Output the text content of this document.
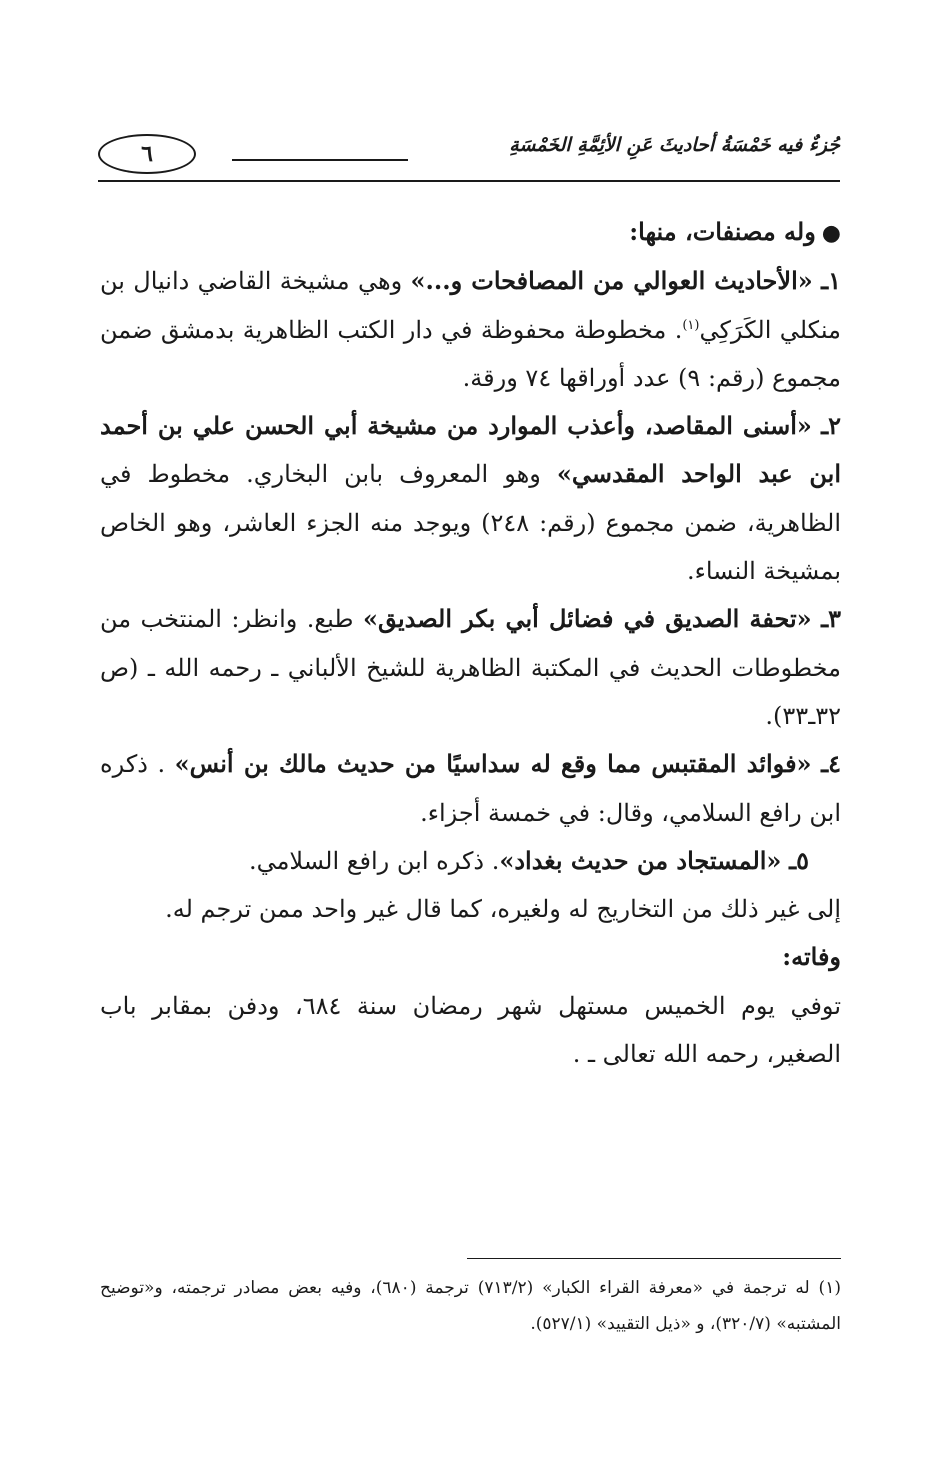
٦	جُزءٌ فيه خَمْسَةُ أحاديثَ عَنِ الأئِمَّةِ الخَمْسَةِ

●وله مصنفات، منها:

١ـ «الأحاديث العوالي من المصافحات و...» وهي مشيخة القاضي دانيال بن منكلي الكَرَكِي$^{(١)}$. مخطوطة محفوظة في دار الكتب الظاهرية بدمشق ضمن مجموع (رقم: ٩) عدد أوراقها ٧٤ ورقة.

٢ـ «أسنى المقاصد، وأعذب الموارد من مشيخة أبي الحسن علي بن أحمد ابن عبد الواحد المقدسي» وهو المعروف بابن البخاري. مخطوط في الظاهرية، ضمن مجموع (رقم: ٢٤٨) ويوجد منه الجزء العاشر، وهو الخاص بمشيخة النساء.

٣ـ «تحفة الصديق في فضائل أبي بكر الصديق» طبع. وانظر: المنتخب من مخطوطات الحديث في المكتبة الظاهرية للشيخ الألباني ـ رحمه الله ـ (ص ٣٢ـ٣٣).

٤ـ «فوائد المقتبس مما وقع له سداسيًا من حديث مالك بن أنس» . ذكره ابن رافع السلامي، وقال: في خمسة أجزاء.

٥ـ «المستجاد من حديث بغداد». ذكره ابن رافع السلامي.

إلى غير ذلك من التخاريج له ولغيره، كما قال غير واحد ممن ترجم له.

وفاته:

توفي يوم الخميس مستهل شهر رمضان سنة ٦٨٤، ودفن بمقابر باب الصغير، رحمه الله تعالى ـ .

(١) له ترجمة في «معرفة القراء الكبار» (٧١٣/٢) ترجمة (٦٨٠)، وفيه بعض مصادر ترجمته، و«توضيح المشتبه» (٣٢٠/٧)، و «ذيل التقييد» (٥٢٧/١).
